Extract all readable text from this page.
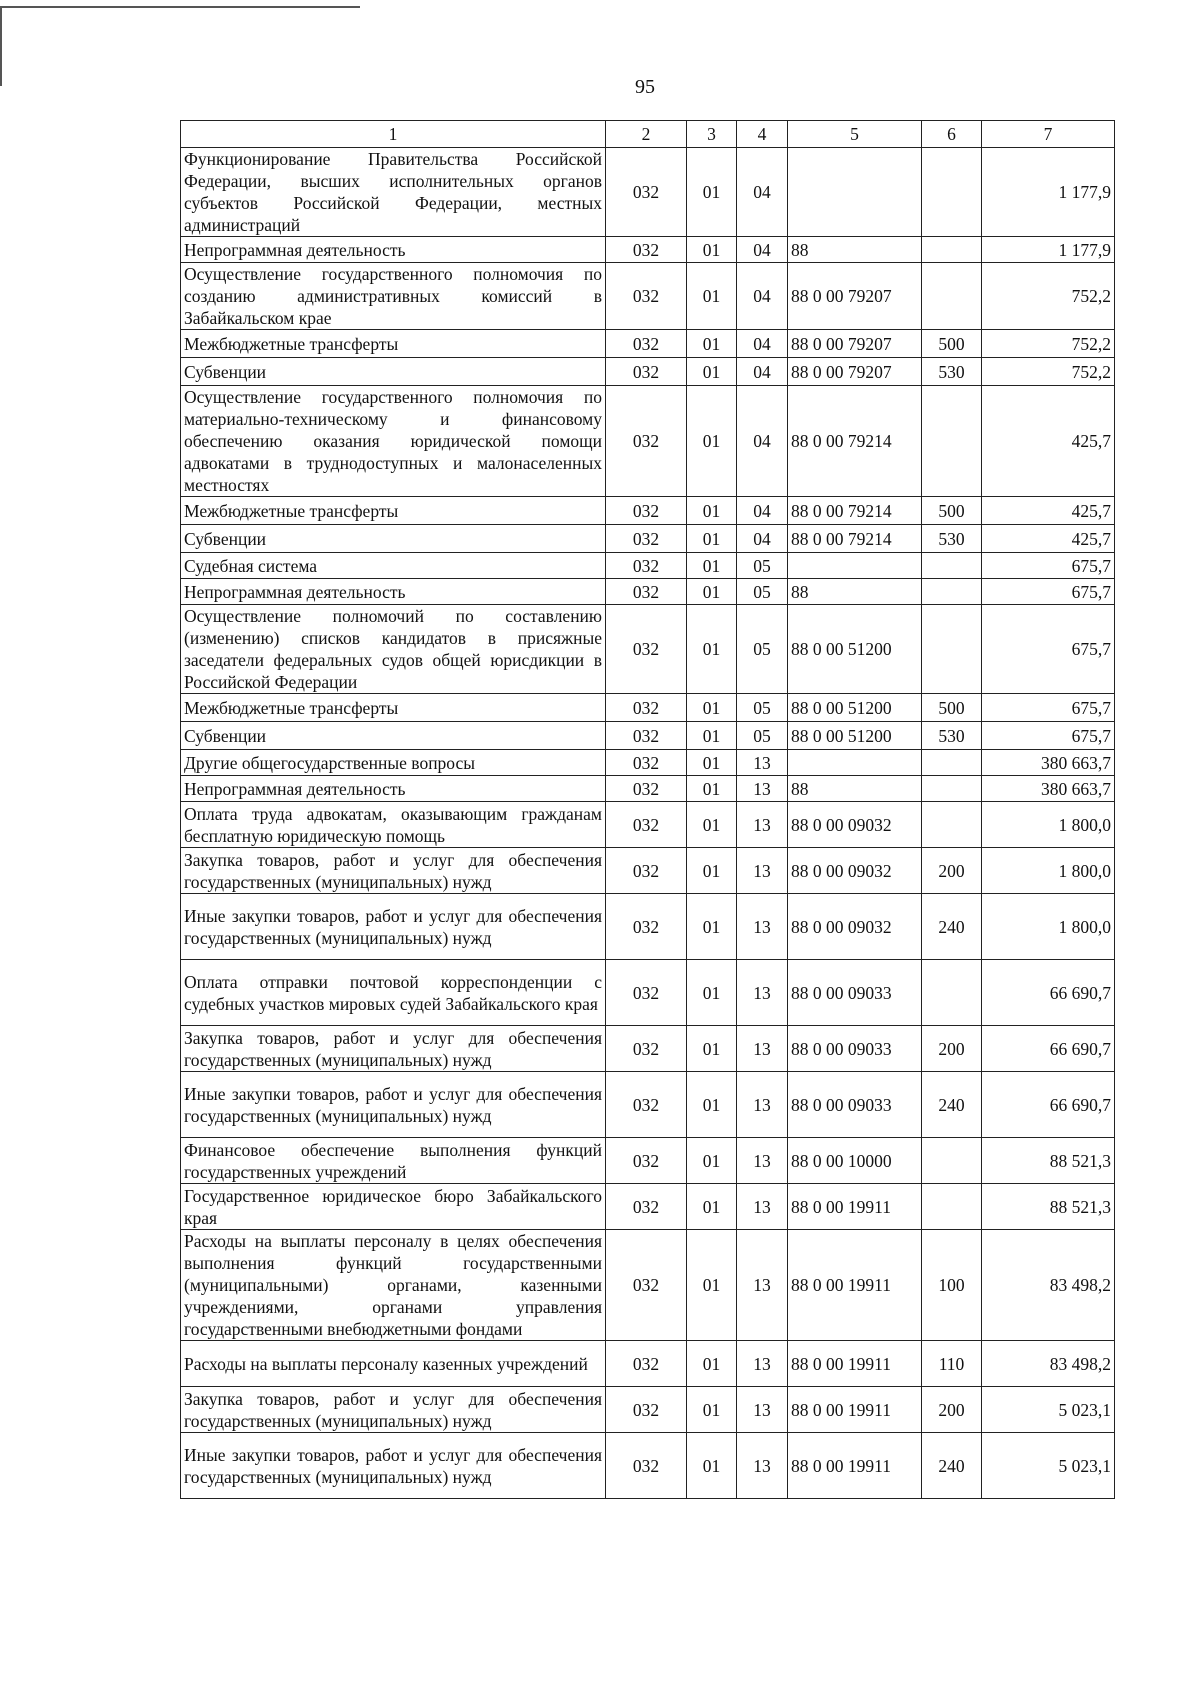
95
1	2	3	4	5	6	7
Функционирование Правительства Российской Федерации, высших исполнительных органов субъектов Российской Федерации, местных администраций	032	01	04			1 177,9
Непрограммная деятельность	032	01	04	88		1 177,9
Осуществление государственного полномочия по созданию административных комиссий в Забайкальском крае	032	01	04	88 0 00 79207		752,2
Межбюджетные трансферты	032	01	04	88 0 00 79207	500	752,2
Субвенции	032	01	04	88 0 00 79207	530	752,2
Осуществление государственного полномочия по материально-техническому и финансовому обеспечению оказания юридической помощи адвокатами в труднодоступных и малонаселенных местностях	032	01	04	88 0 00 79214		425,7
Межбюджетные трансферты	032	01	04	88 0 00 79214	500	425,7
Субвенции	032	01	04	88 0 00 79214	530	425,7
Судебная система	032	01	05			675,7
Непрограммная деятельность	032	01	05	88		675,7
Осуществление полномочий по составлению (изменению) списков кандидатов в присяжные заседатели федеральных судов общей юрисдикции в Российской Федерации	032	01	05	88 0 00 51200		675,7
Межбюджетные трансферты	032	01	05	88 0 00 51200	500	675,7
Субвенции	032	01	05	88 0 00 51200	530	675,7
Другие общегосударственные вопросы	032	01	13			380 663,7
Непрограммная деятельность	032	01	13	88		380 663,7
Оплата труда адвокатам, оказывающим гражданам бесплатную юридическую помощь	032	01	13	88 0 00 09032		1 800,0
Закупка товаров, работ и услуг для обеспечения государственных (муниципальных) нужд	032	01	13	88 0 00 09032	200	1 800,0
Иные закупки товаров, работ и услуг для обеспечения государственных (муниципальных) нужд	032	01	13	88 0 00 09032	240	1 800,0
Оплата отправки почтовой корреспонденции с судебных участков мировых судей Забайкальского края	032	01	13	88 0 00 09033		66 690,7
Закупка товаров, работ и услуг для обеспечения государственных (муниципальных) нужд	032	01	13	88 0 00 09033	200	66 690,7
Иные закупки товаров, работ и услуг для обеспечения государственных (муниципальных) нужд	032	01	13	88 0 00 09033	240	66 690,7
Финансовое обеспечение выполнения функций государственных учреждений	032	01	13	88 0 00 10000		88 521,3
Государственное юридическое бюро Забайкальского края	032	01	13	88 0 00 19911		88 521,3
Расходы на выплаты персоналу в целях обеспечения выполнения функций государственными (муниципальными) органами, казенными учреждениями, органами управления государственными внебюджетными фондами	032	01	13	88 0 00 19911	100	83 498,2
Расходы на выплаты персоналу казенных учреждений	032	01	13	88 0 00 19911	110	83 498,2
Закупка товаров, работ и услуг для обеспечения государственных (муниципальных) нужд	032	01	13	88 0 00 19911	200	5 023,1
Иные закупки товаров, работ и услуг для обеспечения государственных (муниципальных) нужд	032	01	13	88 0 00 19911	240	5 023,1
